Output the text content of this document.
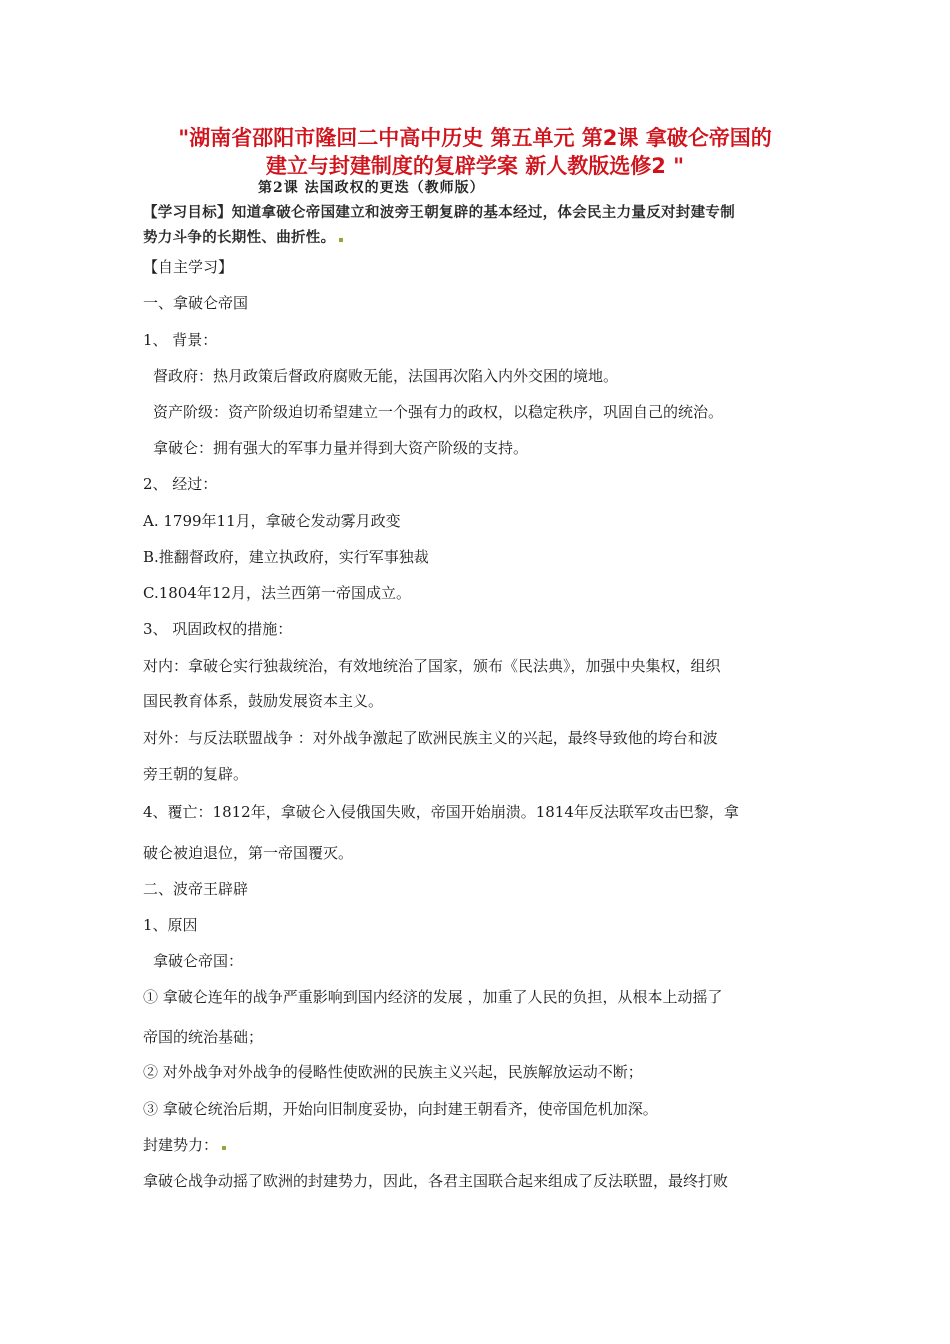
"湖南省邵阳市隆回二中高中历史 第五单元 第2课 拿破仑帝国的
建立与封建制度的复辟学案 新人教版选修2 "
第2课 法国政权的更迭（教师版）
【学习目标】知道拿破仑帝国建立和波旁王朝复辟的基本经过，体会民主力量反对封建专制
势力斗争的长期性、曲折性。
【自主学习】
一、拿破仑帝国
1、 背景：
督政府：热月政策后督政府腐败无能，法国再次陷入内外交困的境地。
资产阶级：资产阶级迫切希望建立一个强有力的政权，以稳定秩序，巩固自己的统治。
拿破仑：拥有强大的军事力量并得到大资产阶级的支持。
2、 经过：
A. 1799年11月，拿破仑发动雾月政变
B.推翻督政府，建立执政府，实行军事独裁
C.1804年12月，法兰西第一帝国成立。
3、 巩固政权的措施：
对内：拿破仑实行独裁统治，有效地统治了国家，颁布《民法典》，加强中央集权，组织
国民教育体系，鼓励发展资本主义。
对外：与反法联盟战争 ：对外战争激起了欧洲民族主义的兴起，最终导致他的垮台和波
旁王朝的复辟。
4、覆亡：1812年，拿破仑入侵俄国失败，帝国开始崩溃。1814年反法联军攻击巴黎，拿
破仑被迫退位，第一帝国覆灭。
二、波帝王辟辟
1、原因
拿破仑帝国：
① 拿破仑连年的战争严重影响到国内经济的发展 ，加重了人民的负担，从根本上动摇了
帝国的统治基础；
② 对外战争对外战争的侵略性使欧洲的民族主义兴起，民族解放运动不断；
③ 拿破仑统治后期，开始向旧制度妥协，向封建王朝看齐，使帝国危机加深。
封建势力：
拿破仑战争动摇了欧洲的封建势力，因此，各君主国联合起来组成了反法联盟，最终打败
